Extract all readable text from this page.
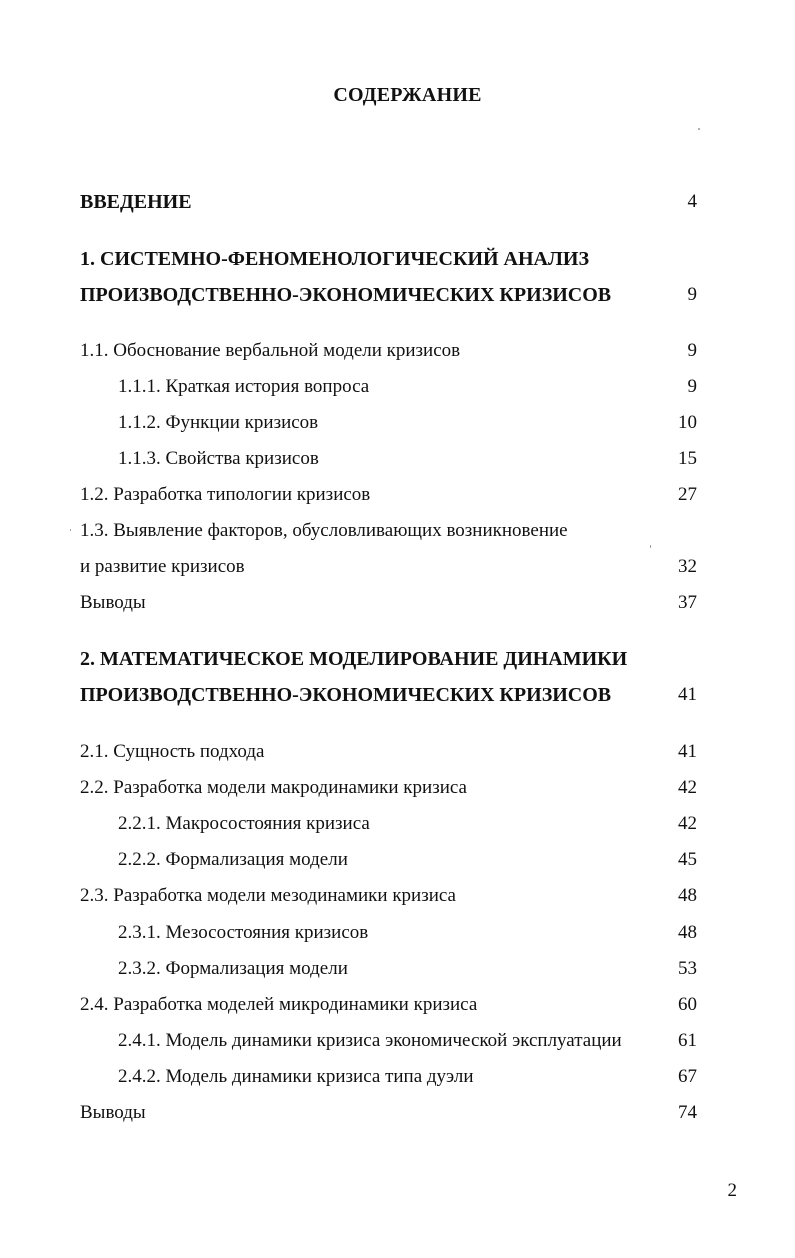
СОДЕРЖАНИЕ
ВВЕДЕНИЕ	4
1. СИСТЕМНО-ФЕНОМЕНОЛОГИЧЕСКИЙ АНАЛИЗ
ПРОИЗВОДСТВЕННО-ЭКОНОМИЧЕСКИХ КРИЗИСОВ	9
1.1. Обоснование вербальной модели кризисов	9
1.1.1. Краткая история вопроса	9
1.1.2. Функции кризисов	10
1.1.3. Свойства кризисов	15
1.2. Разработка типологии кризисов	27
1.3. Выявление факторов, обусловливающих возникновение
и развитие кризисов	32
Выводы	37
2. МАТЕМАТИЧЕСКОЕ МОДЕЛИРОВАНИЕ ДИНАМИКИ
ПРОИЗВОДСТВЕННО-ЭКОНОМИЧЕСКИХ КРИЗИСОВ	41
2.1. Сущность подхода	41
2.2. Разработка модели макродинамики кризиса	42
2.2.1. Макросостояния кризиса	42
2.2.2. Формализация модели	45
2.3. Разработка модели мезодинамики кризиса	48
2.3.1. Мезосостояния кризисов	48
2.3.2. Формализация модели	53
2.4. Разработка моделей микродинамики кризиса	60
2.4.1. Модель динамики кризиса экономической эксплуатации	61
2.4.2. Модель динамики кризиса типа дуэли	67
Выводы	74
2
